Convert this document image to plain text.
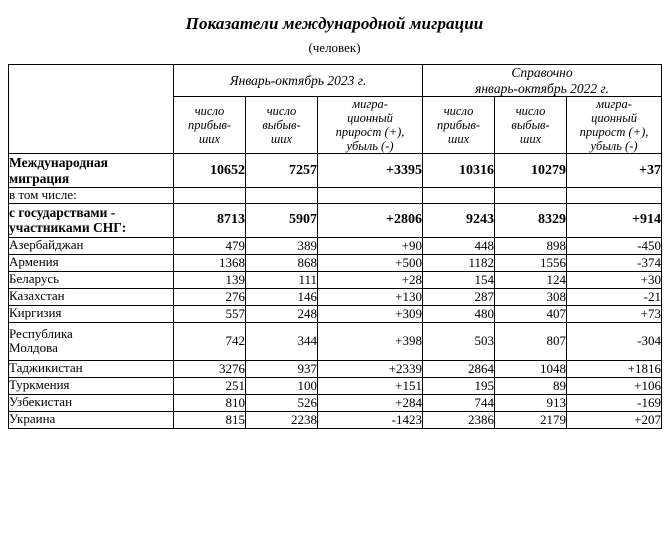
Показатели международной миграции
(человек)
	Январь-октябрь 2023 г.			Справочно
январь-октябрь 2022 г.		
	число
прибыв-
ших	число
выбыв-
ших	мигра-
ционный
прирост (+),
убыль (-)	число
прибыв-
ших	число
выбыв-
ших	мигра-
ционный
прирост (+),
убыль (-)
Международная
миграция	10652	7257	+3395	10316	10279	+37
в том числе:						
с государствами -
участниками СНГ:	8713	5907	+2806	9243	8329	+914
Азербайджан	479	389	+90	448	898	-450
Армения	1368	868	+500	1182	1556	-374
Беларусь	139	111	+28	154	124	+30
Казахстан	276	146	+130	287	308	-21
Киргизия	557	248	+309	480	407	+73
Республика
Молдова	742	344	+398	503	807	-304
Таджикистан	3276	937	+2339	2864	1048	+1816
Туркмения	251	100	+151	195	89	+106
Узбекистан	810	526	+284	744	913	-169
Украина	815	2238	-1423	2386	2179	+207
